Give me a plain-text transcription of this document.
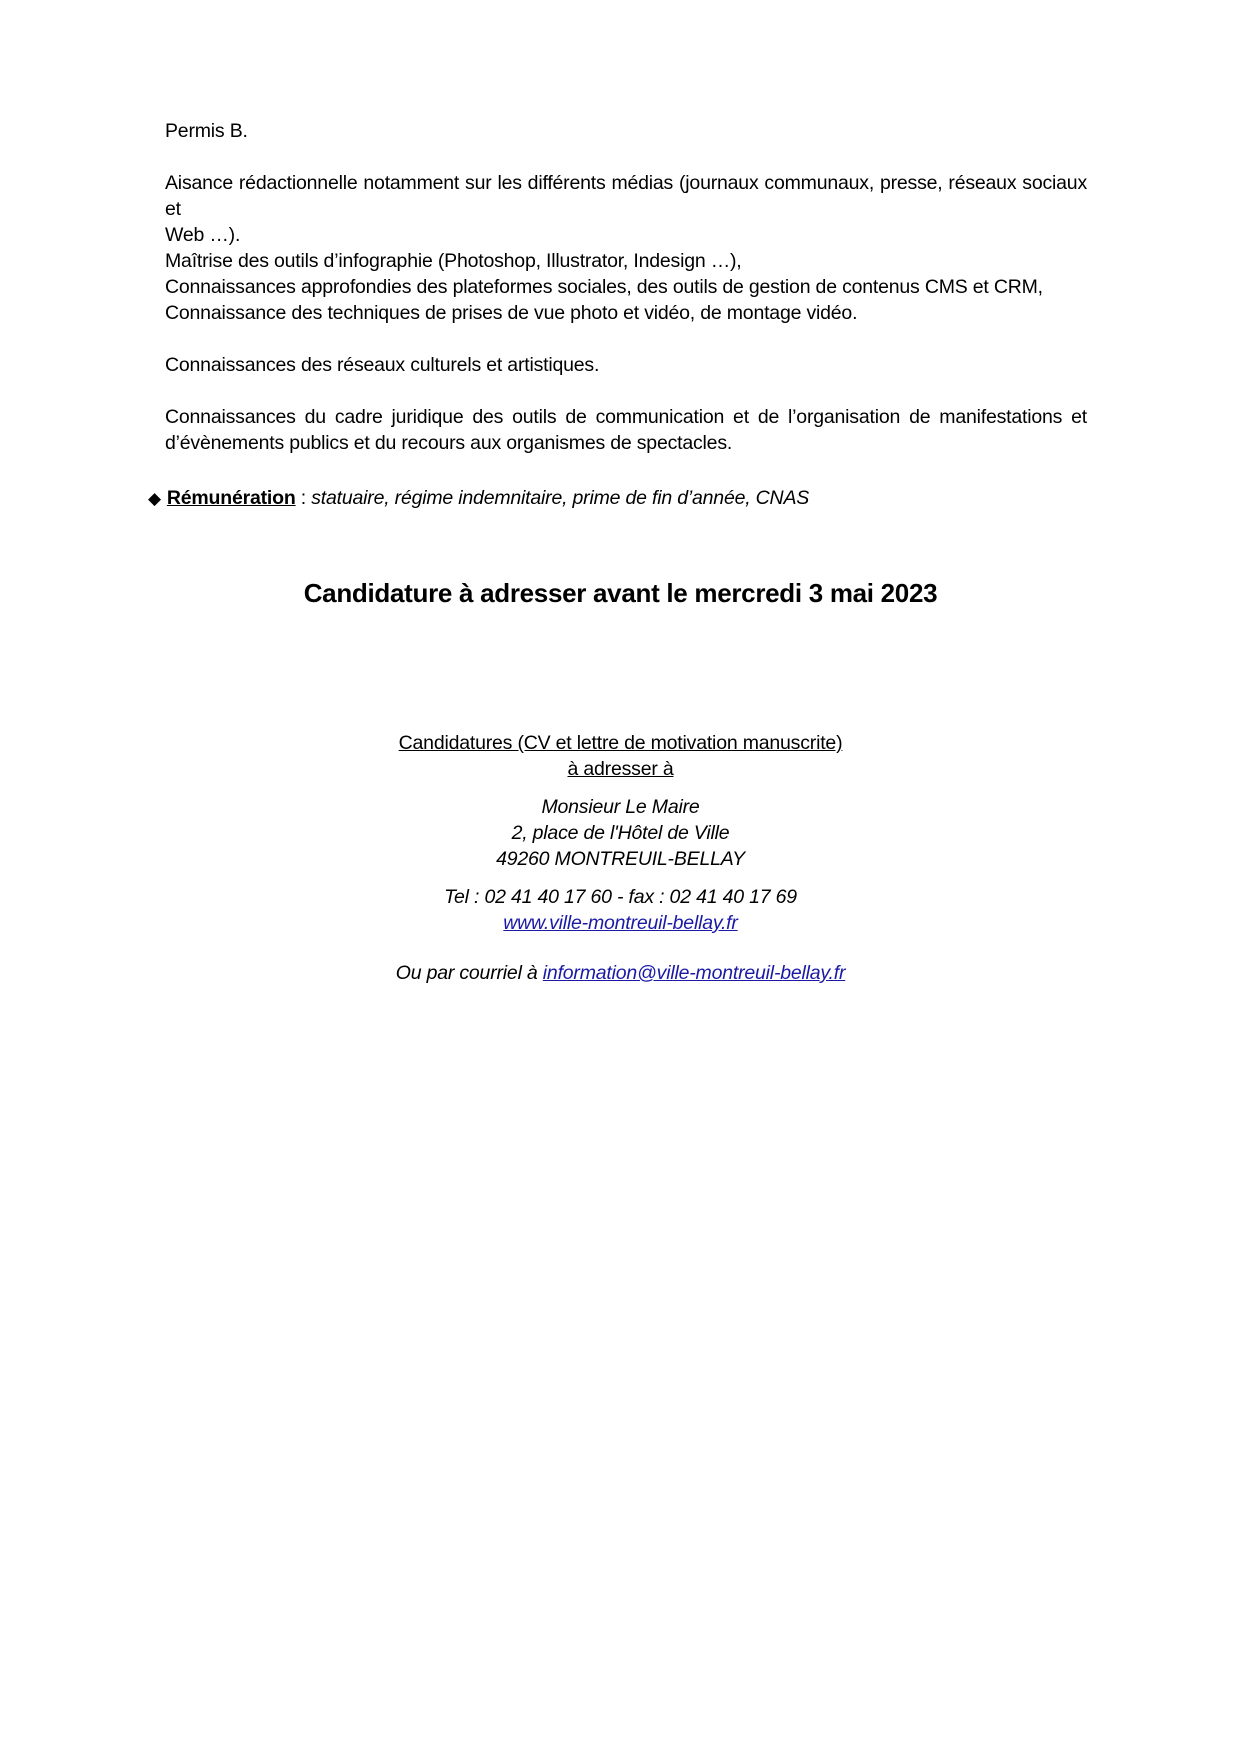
Permis B.

Aisance rédactionnelle notamment sur les différents médias (journaux communaux, presse, réseaux sociaux et

Web …).

Maîtrise des outils d’infographie (Photoshop, Illustrator, Indesign …),

Connaissances approfondies des plateformes sociales, des outils de gestion de contenus CMS et CRM,

Connaissance des techniques de prises de vue photo et vidéo, de montage vidéo.

Connaissances des réseaux culturels et artistiques.

Connaissances du cadre juridique des outils de communication et de l’organisation de manifestations et

d’évènements publics et du recours aux organismes de spectacles.

◆ Rémunération : statuaire, régime indemnitaire, prime de fin d’année, CNAS
Candidature à adresser avant le mercredi 3 mai 2023
Candidatures (CV et lettre de motivation manuscrite)
à adresser à
Monsieur Le Maire
2, place de l'Hôtel de Ville
49260 MONTREUIL-BELLAY
Tel : 02 41 40 17 60 - fax : 02 41 40 17 69
www.ville-montreuil-bellay.fr
Ou par courriel à information@ville-montreuil-bellay.fr
